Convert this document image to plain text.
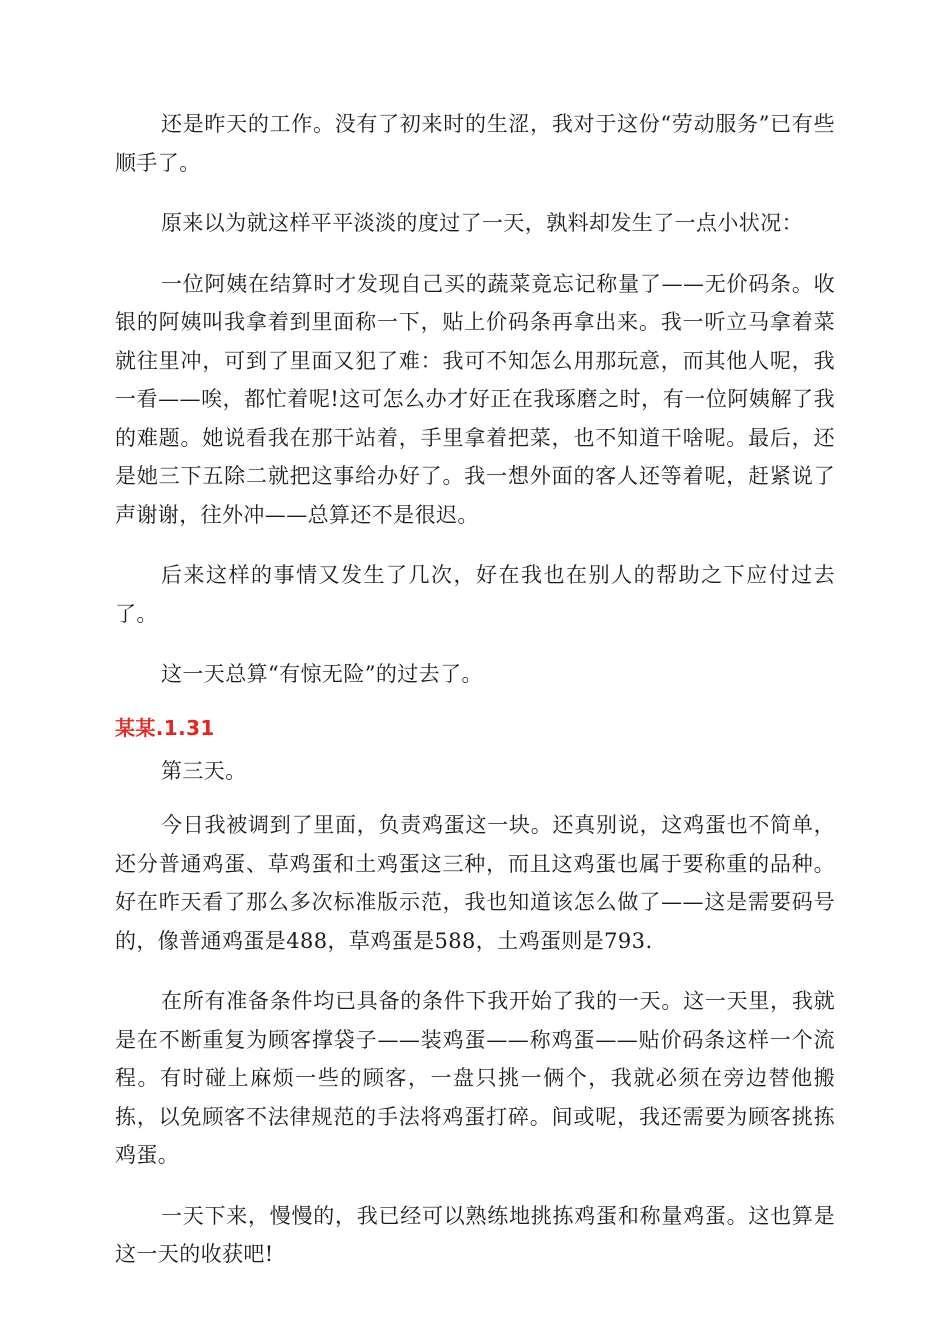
还是昨天的工作。没有了初来时的生涩，我对于这份“劳动服务”已有些顺手了。

原来以为就这样平平淡淡的度过了一天，孰料却发生了一点小状况：

一位阿姨在结算时才发现自己买的蔬菜竟忘记称量了——无价码条。收银的阿姨叫我拿着到里面称一下，贴上价码条再拿出来。我一听立马拿着菜就往里冲，可到了里面又犯了难：我可不知怎么用那玩意，而其他人呢，我一看——唉，都忙着呢!这可怎么办才好正在我琢磨之时，有一位阿姨解了我的难题。她说看我在那干站着，手里拿着把菜，也不知道干啥呢。最后，还是她三下五除二就把这事给办好了。我一想外面的客人还等着呢，赶紧说了声谢谢，往外冲——总算还不是很迟。

后来这样的事情又发生了几次，好在我也在别人的帮助之下应付过去了。

这一天总算“有惊无险”的过去了。

某某.1.31

第三天。

今日我被调到了里面，负责鸡蛋这一块。还真别说，这鸡蛋也不简单，还分普通鸡蛋、草鸡蛋和土鸡蛋这三种，而且这鸡蛋也属于要称重的品种。好在昨天看了那么多次标准版示范，我也知道该怎么做了——这是需要码号的，像普通鸡蛋是488，草鸡蛋是588，土鸡蛋则是793.

在所有准备条件均已具备的条件下我开始了我的一天。这一天里，我就是在不断重复为顾客撑袋子——装鸡蛋——称鸡蛋——贴价码条这样一个流程。有时碰上麻烦一些的顾客，一盘只挑一俩个，我就必须在旁边替他搬拣，以免顾客不法律规范的手法将鸡蛋打碎。间或呢，我还需要为顾客挑拣鸡蛋。

一天下来，慢慢的，我已经可以熟练地挑拣鸡蛋和称量鸡蛋。这也算是这一天的收获吧!
